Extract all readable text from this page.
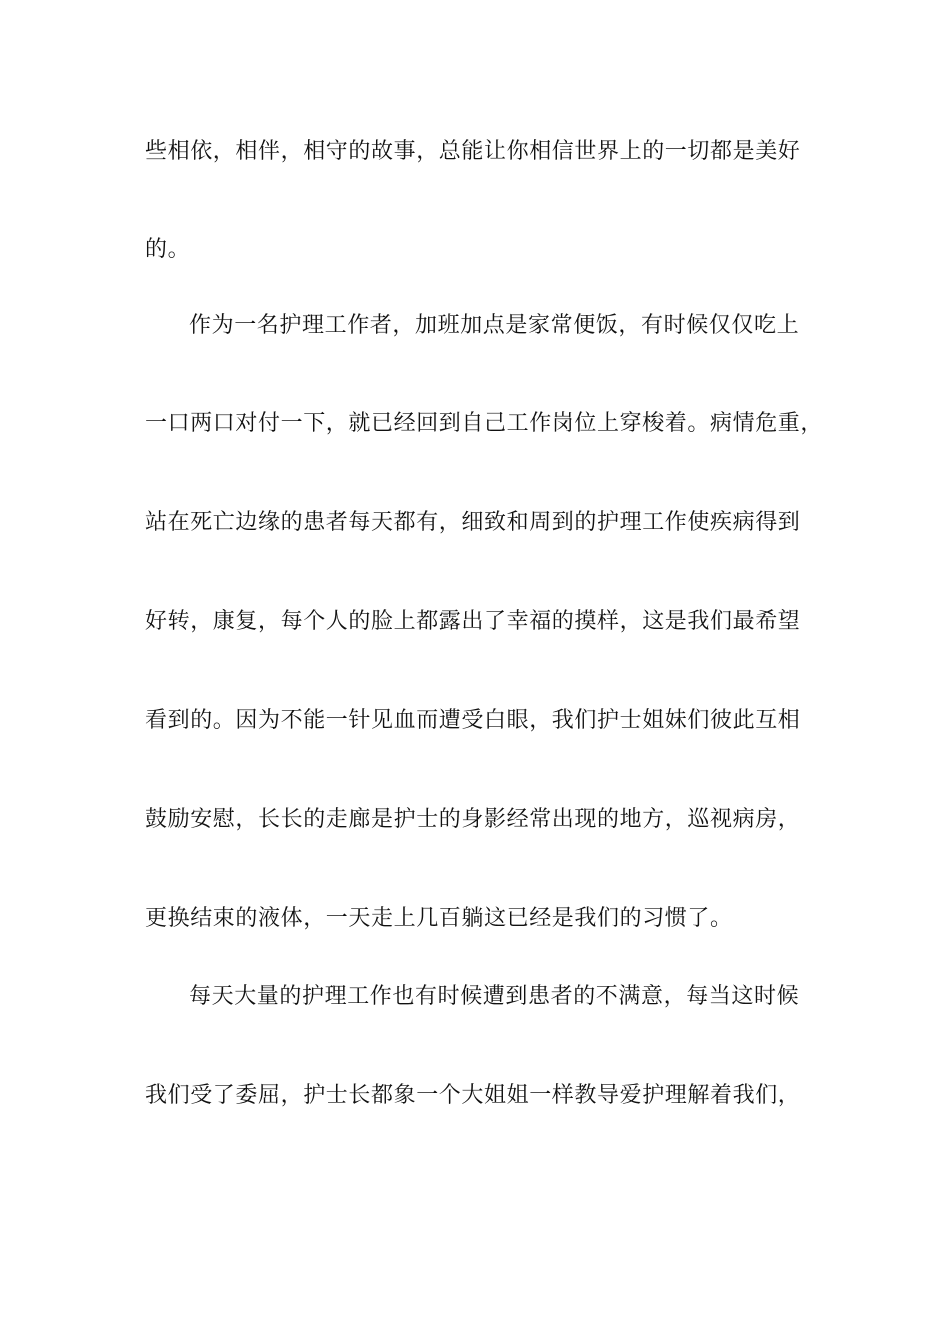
些相依，相伴，相守的故事，总能让你相信世界上的一切都是美好
的。
作为一名护理工作者，加班加点是家常便饭，有时候仅仅吃上
一口两口对付一下，就已经回到自己工作岗位上穿梭着。病情危重，
站在死亡边缘的患者每天都有，细致和周到的护理工作使疾病得到
好转，康复，每个人的脸上都露出了幸福的摸样，这是我们最希望
看到的。因为不能一针见血而遭受白眼，我们护士姐妹们彼此互相
鼓励安慰，长长的走廊是护士的身影经常出现的地方，巡视病房，
更换结束的液体，一天走上几百躺这已经是我们的习惯了。
每天大量的护理工作也有时候遭到患者的不满意，每当这时候
我们受了委屈，护士长都象一个大姐姐一样教导爱护理解着我们，
